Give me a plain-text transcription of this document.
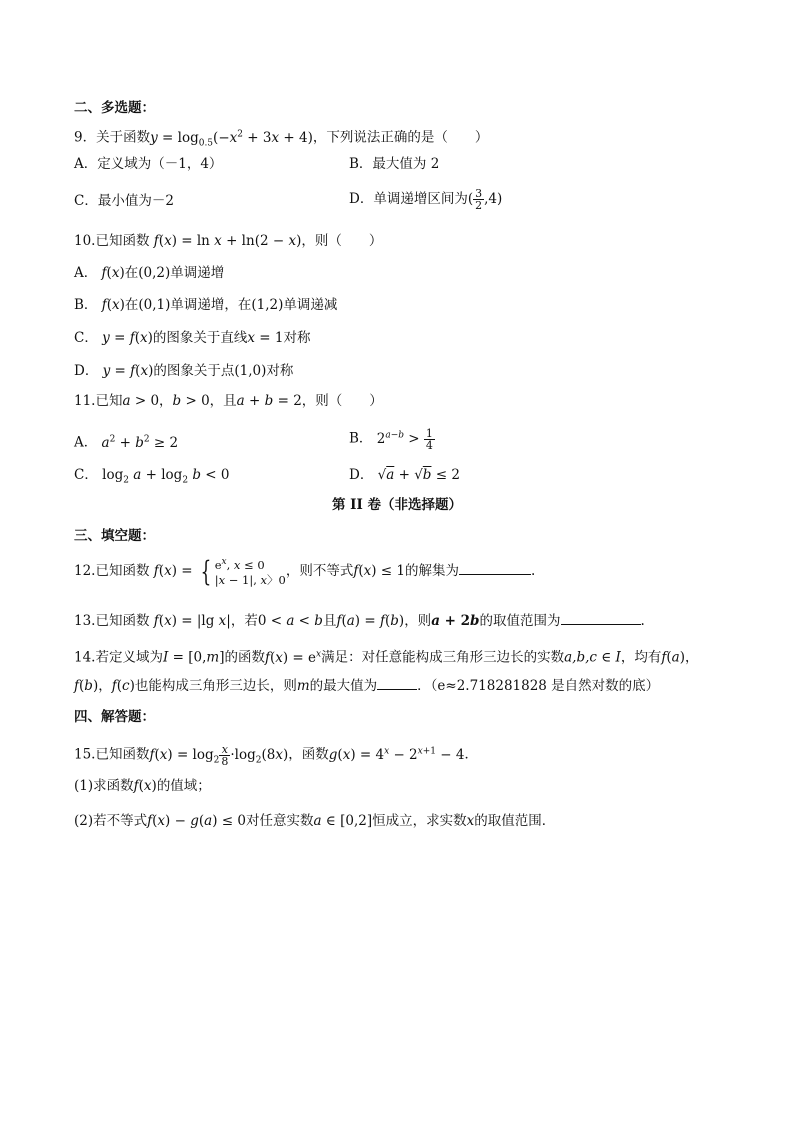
二、多选题：
9．关于函数$y = \log_{0.5}(-x^2 + 3x + 4)$，下列说法正确的是（　　）
A．定义域为（－1，4）	B．最大值为 2
C．最小值为－2	D．单调递增区间为( $\frac{3}{2} ,4$)
10.已知函数 f(x) = ln x + ln(2 − x)，则（　　）
A． f(x)在(0,2)单调递增
B． f(x)在(0,1)单调递增，在(1,2)单调递减
C． y = f(x)的图象关于直线x = 1对称
D． y = f(x)的图象关于点(1,0)对称
11.已知a > 0，b > 0，且a + b = 2，则（　　）
A． $a^2 + b^2 \ge 2$	B． $2^{a-b} > \frac{1}{4}$
C． $\log_2 a + \log_2 b < 0$	D． √a + √b ≤ 2
第 II 卷（非选择题）
三、填空题：
12.已知函数 f(x) = { $e^x$, x ≤ 0
|x − 1|, x〉0，则不等式f(x) ≤ 1的解集为	.
13.已知函数 f(x) = |lg x|，若0 < a < b且f(a) = f(b)，则a + 2b的取值范围为	.
14.若定义域为I = [0,m]的函数$f(x) = e^x$满足：对任意能构成三角形三边长的实数a,b,c ∈ I，均有f(a)，
f(b)，f(c)也能构成三角形三边长，则m的最大值为	．（e≈2.718281828 是自然对数的底）
四、解答题：
15.已知函数$f(x) = \log_2 \frac{x}{8} \cdot\log_2(8x)$，函数$g(x) = 4^x - 2^{x+1} - 4$．
(1)求函数f(x)的值域；
(2)若不等式f(x) − g(a) ≤ 0对任意实数a ∈ [0,2]恒成立，求实数x的取值范围．
